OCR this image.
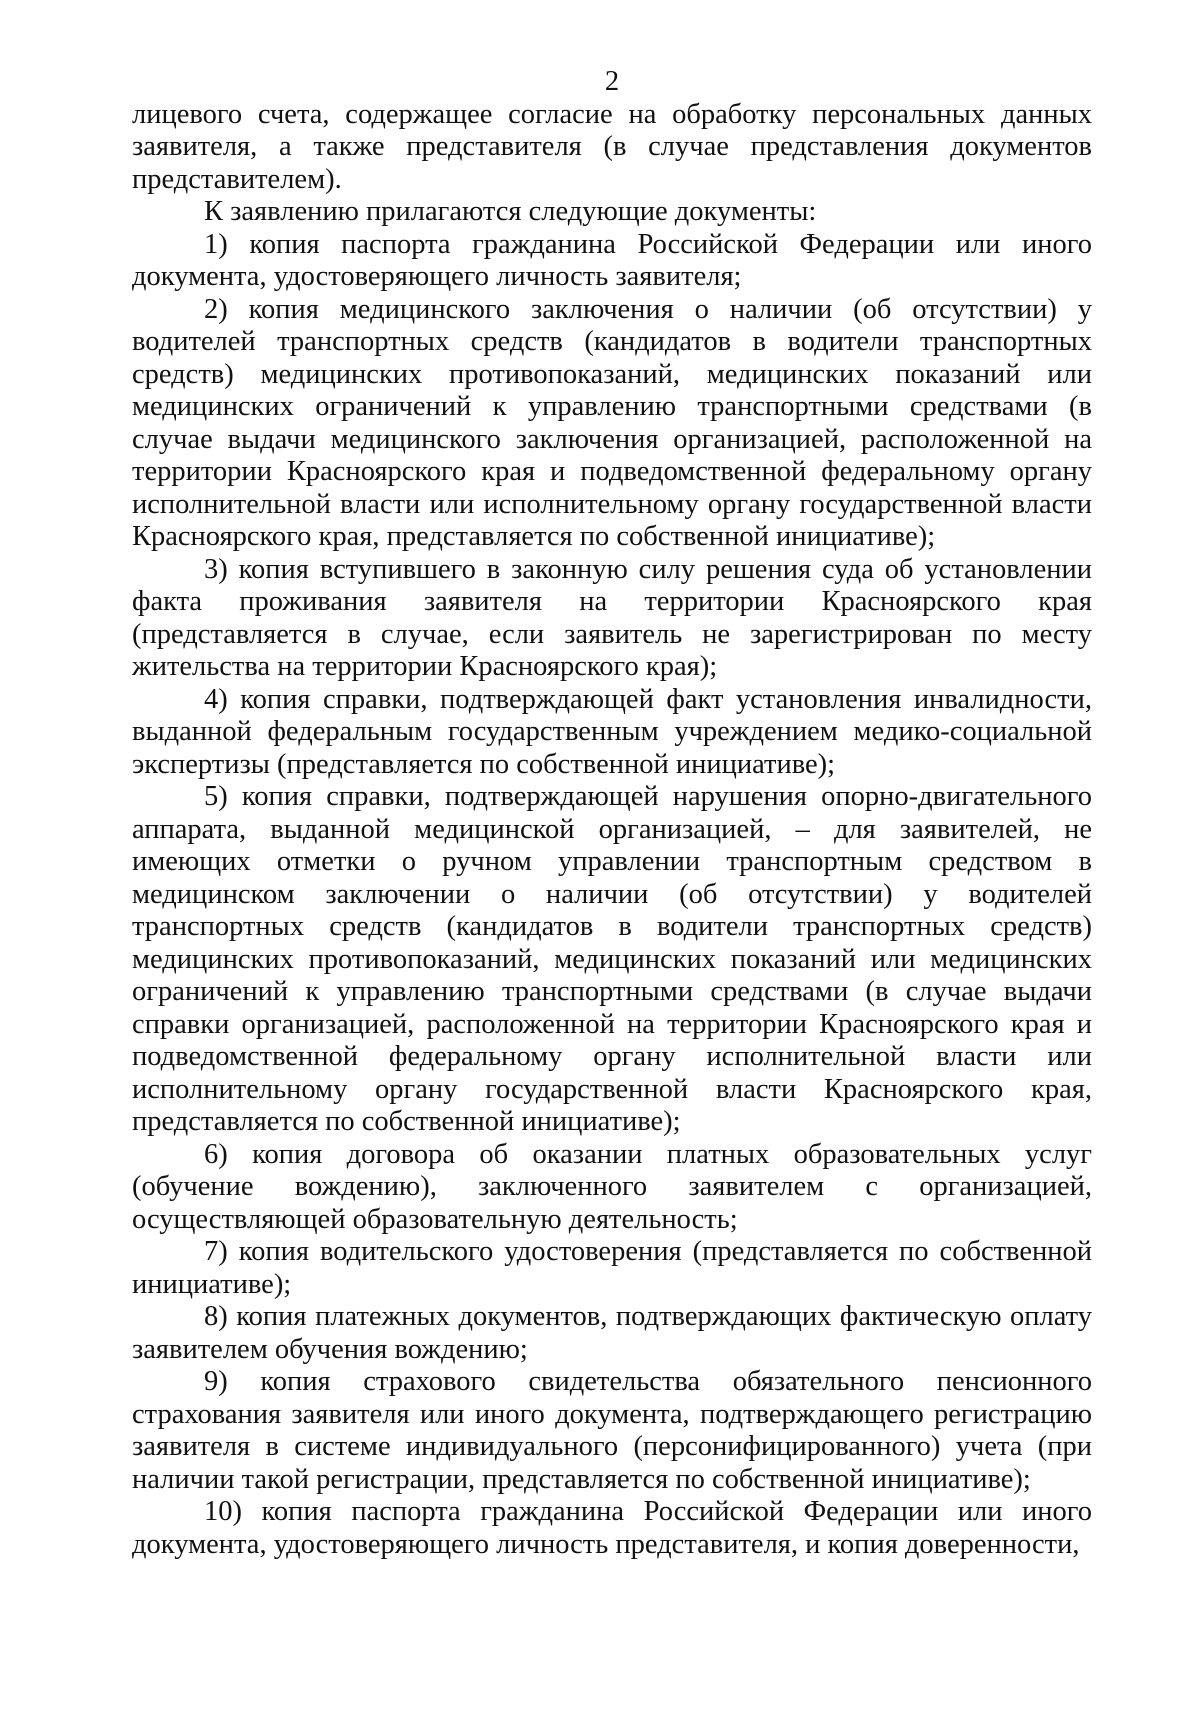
2

лицевого счета, содержащее согласие на обработку персональных данных заявителя, а также представителя (в случае представления документов представителем).

К заявлению прилагаются следующие документы:

1) копия паспорта гражданина Российской Федерации или иного документа, удостоверяющего личность заявителя;

2) копия медицинского заключения о наличии (об отсутствии) у водителей транспортных средств (кандидатов в водители транспортных средств) медицинских противопоказаний, медицинских показаний или медицинских ограничений к управлению транспортными средствами (в случае выдачи медицинского заключения организацией, расположенной на территории Красноярского края и подведомственной федеральному органу исполнительной власти или исполнительному органу государственной власти Красноярского края, представляется по собственной инициативе);

3) копия вступившего в законную силу решения суда об установлении факта проживания заявителя на территории Красноярского края (представляется в случае, если заявитель не зарегистрирован по месту жительства на территории Красноярского края);

4) копия справки, подтверждающей факт установления инвалидности, выданной федеральным государственным учреждением медико-социальной экспертизы (представляется по собственной инициативе);

5) копия справки, подтверждающей нарушения опорно-двигательного аппарата, выданной медицинской организацией, – для заявителей, не имеющих отметки о ручном управлении транспортным средством в медицинском заключении о наличии (об отсутствии) у водителей транспортных средств (кандидатов в водители транспортных средств) медицинских противопоказаний, медицинских показаний или медицинских ограничений к управлению транспортными средствами (в случае выдачи справки организацией, расположенной на территории Красноярского края и подведомственной федеральному органу исполнительной власти или исполнительному органу государственной власти Красноярского края, представляется по собственной инициативе);

6) копия договора об оказании платных образовательных услуг (обучение вождению), заключенного заявителем с организацией, осуществляющей образовательную деятельность;

7) копия водительского удостоверения (представляется по собственной инициативе);

8) копия платежных документов, подтверждающих фактическую оплату заявителем обучения вождению;

9) копия страхового свидетельства обязательного пенсионного страхования заявителя или иного документа, подтверждающего регистрацию заявителя в системе индивидуального (персонифицированного) учета (при наличии такой регистрации, представляется по собственной инициативе);

10) копия паспорта гражданина Российской Федерации или иного документа, удостоверяющего личность представителя, и копия доверенности,
